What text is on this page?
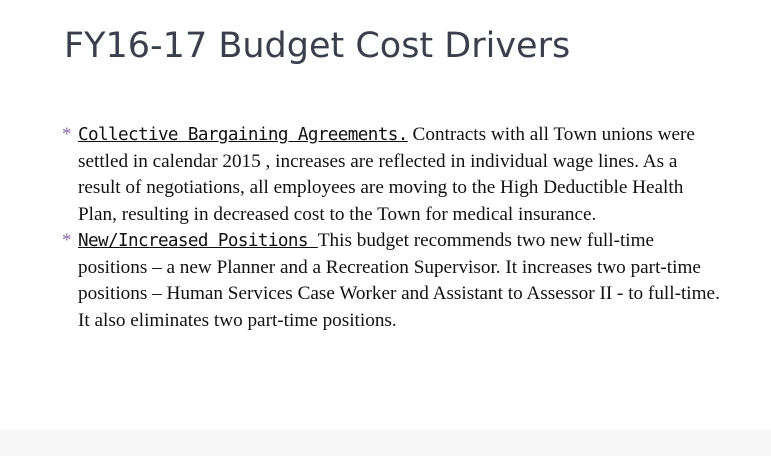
FY16-17 Budget Cost Drivers
* Collective Bargaining Agreements. Contracts with all Town unions were settled in calendar 2015 , increases are reflected in individual wage lines. As a result of negotiations, all employees are moving to the High Deductible Health Plan, resulting in decreased cost to the Town for medical insurance.
* New/Increased Positions This budget recommends two new full-time positions – a new Planner and a Recreation Supervisor. It increases two part-time positions – Human Services Case Worker and Assistant to Assessor II - to full-time. It also eliminates two part-time positions.
